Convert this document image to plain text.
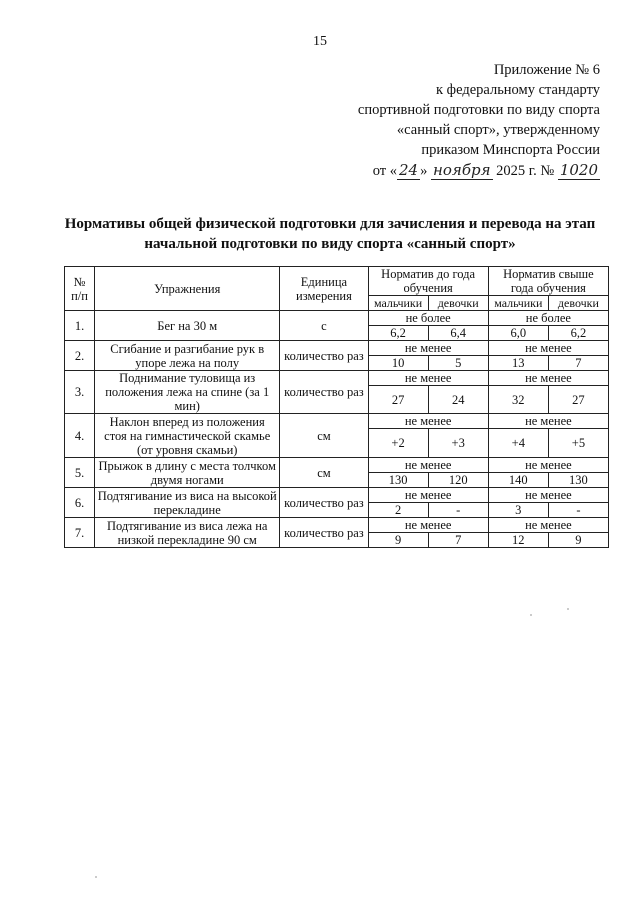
15
Приложение № 6
к федеральному стандарту
спортивной подготовки по виду спорта
«санный спорт», утвержденному
приказом Минспорта России
от « 24 » ноября 2025 г. № 1020
Нормативы общей физической подготовки для зачисления и перевода на этап
начальной подготовки по виду спорта «санный спорт»
№ п/п	Упражнения	Единица измерения	Норматив до года обучения		Норматив свыше года обучения	
			мальчики	девочки	мальчики	девочки
1.	Бег на 30 м	с	не более		не более	
			6,2	6,4	6,0	6,2
2.	Сгибание и разгибание рук в упоре лежа на полу	количество раз	не менее		не менее	
			10	5	13	7
3.	Поднимание туловища из положения лежа на спине (за 1 мин)	количество раз	не менее		не менее	
			27	24	32	27
4.	Наклон вперед из положения стоя на гимнастической скамье (от уровня скамьи)	см	не менее		не менее	
			+2	+3	+4	+5
5.	Прыжок в длину с места толчком двумя ногами	см	не менее		не менее	
			130	120	140	130
6.	Подтягивание из виса на высокой перекладине	количество раз	не менее		не менее	
			2	-	3	-
7.	Подтягивание из виса лежа на низкой перекладине 90 см	количество раз	не менее		не менее	
			9	7	12	9
